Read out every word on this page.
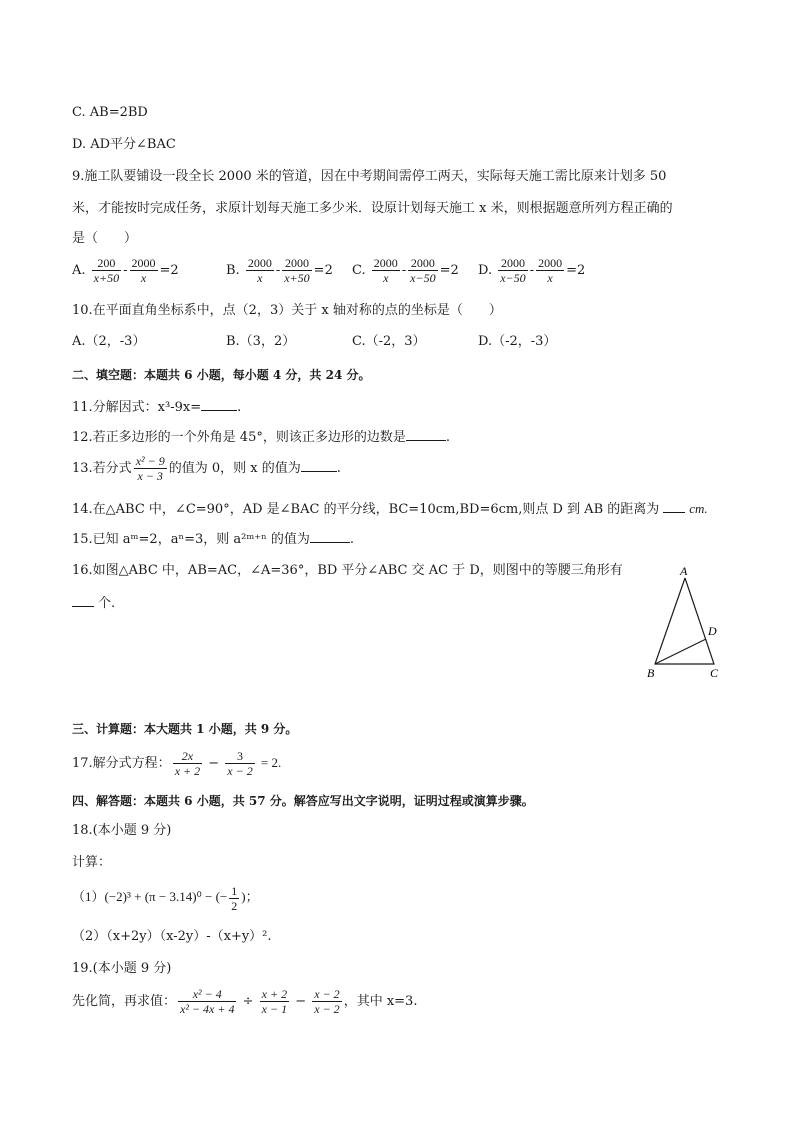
C. AB=2BD
D. AD平分∠BAC
9.施工队要铺设一段全长 2000 米的管道，因在中考期间需停工两天，实际每天施工需比原来计划多 50
米，才能按时完成任务，求原计划每天施工多少米．设原计划每天施工 x 米，则根据题意所列方程正确的
是（　　）
A. $\frac{200}{x+50} - \frac{2000}{x} =2$	B. $\frac{2000}{x} - \frac{2000}{x+50} =2$ C. $\frac{2000}{x} - \frac{2000}{x-50} =2$ D. $\frac{2000}{x-50} - \frac{2000}{x} =2$
10.在平面直角坐标系中，点（2，3）关于 x 轴对称的点的坐标是（　　）
A.（2，-3）	B.（3，2）	C.（-2，3）	D.（-2，-3）
二、填空题：本题共 6 小题，每小题 4 分，共 24 分。
11.分解因式：x³-9x=	.
12.若正多边形的一个外角是 45°，则该正多边形的边数是	.
13.若分式 $\frac{\text{x² − 9}}{x - 3}$ 的值为 0，则 x 的值为	.
14.在△ABC 中，∠C=90°，AD 是∠BAC 的平分线，BC=10cm,BD=6cm,则点 D 到 AB 的距离为 cm.
15.已知 aᵐ=2，aⁿ=3，则 a²ᵐ⁺ⁿ 的值为	.
16.如图△ABC 中，AB=AC，∠A=36°，BD 平分∠ABC 交 AC 于 D，则图中的等腰三角形有
个.
A
B	C
D
三、计算题：本大题共 1 小题，共 9 分。
17.解分式方程： $\frac{2x}{x + 2} - \frac{3}{x - 2} = 2$.
四、解答题：本题共 6 小题，共 57 分。解答应写出文字说明，证明过程或演算步骤。
18.(本小题 9 分)
计算：
（1）(−2)³ + (π − 3.14)⁰ − (− $\frac{1}{2}$ )；
（2）（x+2y）（x-2y）-（x+y）².
19.(本小题 9 分)
先化简，再求值： $\frac{\text{x² − 4}}{\text{x² − 4x + 4}} \div \frac{x + 2}{x - 1} - \frac{x - 2}{x - 2}$ ，其中 x=3.
